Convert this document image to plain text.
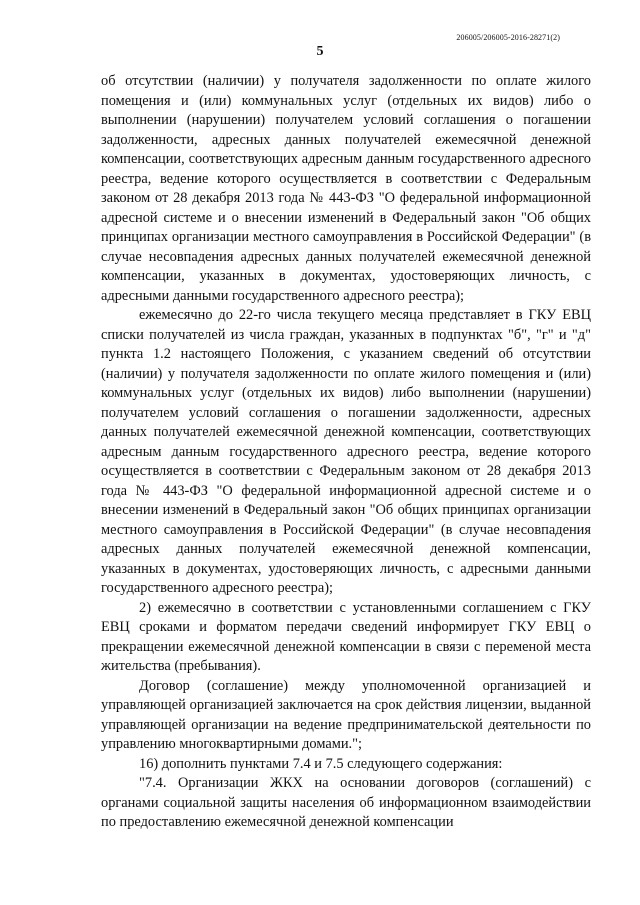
206005/206005-2016-28271(2)
5

об отсутствии (наличии) у получателя задолженности по оплате жилого помещения и (или) коммунальных услуг (отдельных их видов) либо о выполнении (нарушении) получателем условий соглашения о погашении задолженности, адресных данных получателей ежемесячной денежной компенсации, соответствующих адресным данным государственного адресного реестра, ведение которого осуществляется в соответствии с Федеральным законом от 28 декабря 2013 года № 443-ФЗ "О федеральной информационной адресной системе и о внесении изменений в Федеральный закон "Об общих принципах организации местного самоуправления в Российской Федерации" (в случае несовпадения адресных данных получателей ежемесячной денежной компенсации, указанных в документах, удостоверяющих личность, с адресными данными государственного адресного реестра);

ежемесячно до 22-го числа текущего месяца представляет в ГКУ ЕВЦ списки получателей из числа граждан, указанных в подпунктах "б", "г" и "д" пункта 1.2 настоящего Положения, с указанием сведений об отсутствии (наличии) у получателя задолженности по оплате жилого помещения и (или) коммунальных услуг (отдельных их видов) либо выполнении (нарушении) получателем условий соглашения о погашении задолженности, адресных данных получателей ежемесячной денежной компенсации, соответствующих адресным данным государственного адресного реестра, ведение которого осуществляется в соответствии с Федеральным законом от 28 декабря 2013 года № 443-ФЗ "О федеральной информационной адресной системе и о внесении изменений в Федеральный закон "Об общих принципах организации местного самоуправления в Российской Федерации" (в случае несовпадения адресных данных получателей ежемесячной денежной компенсации, указанных в документах, удостоверяющих личность, с адресными данными государственного адресного реестра);

2) ежемесячно в соответствии с установленными соглашением с ГКУ ЕВЦ сроками и форматом передачи сведений информирует ГКУ ЕВЦ о прекращении ежемесячной денежной компенсации в связи с переменой места жительства (пребывания).

Договор (соглашение) между уполномоченной организацией и управляющей организацией заключается на срок действия лицензии, выданной управляющей организации на ведение предпринимательской деятельности по управлению многоквартирными домами.";

16) дополнить пунктами 7.4 и 7.5 следующего содержания:

"7.4. Организации ЖКХ на основании договоров (соглашений) с органами социальной защиты населения об информационном взаимодействии по предоставлению ежемесячной денежной компенсации
